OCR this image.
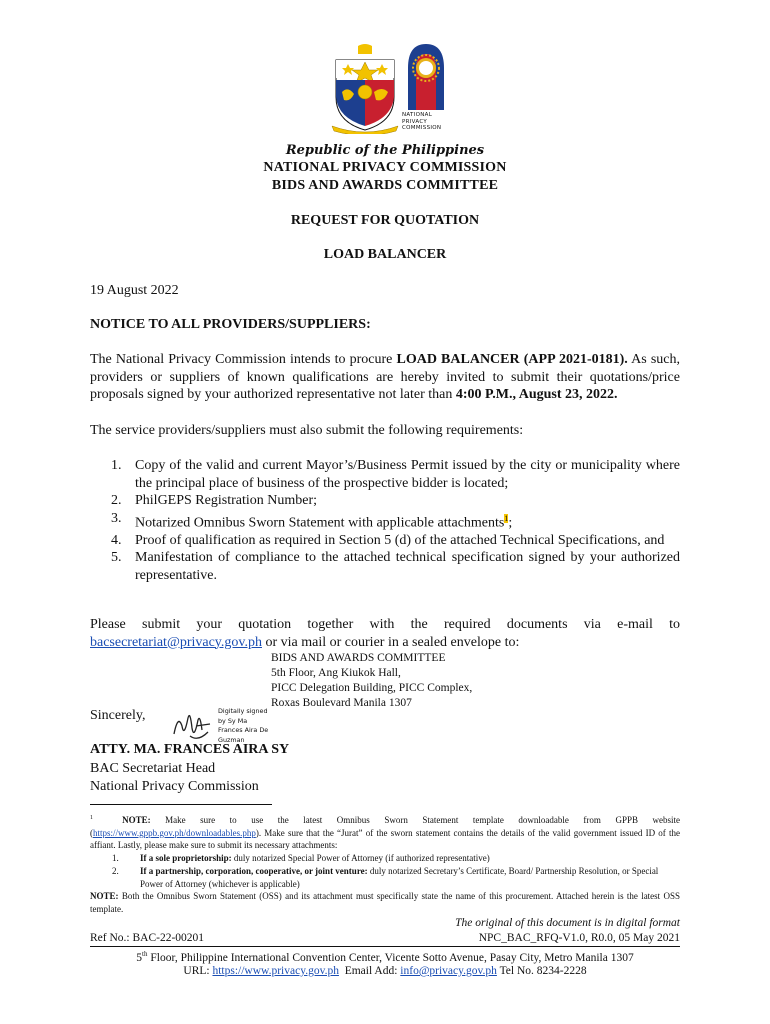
NATIONAL
PRIVACY
COMMISSION
Republic of the Philippines
NATIONAL PRIVACY COMMISSION
BIDS AND AWARDS COMMITTEE
REQUEST FOR QUOTATION
LOAD BALANCER
19 August 2022
NOTICE TO ALL PROVIDERS/SUPPLIERS:
The National Privacy Commission intends to procure LOAD BALANCER (APP 2021-0181). As such, providers or suppliers of known qualifications are hereby invited to submit their quotations/price proposals signed by your authorized representative not later than 4:00 P.M., August 23, 2022.
The service providers/suppliers must also submit the following requirements:
1. Copy of the valid and current Mayor’s/Business Permit issued by the city or municipality where the principal place of business of the prospective bidder is located;
2. PhilGEPS Registration Number;
3. Notarized Omnibus Sworn Statement with applicable attachments$^1$;
4. Proof of qualification as required in Section 5 (d) of the attached Technical Specifications, and
5. Manifestation of compliance to the attached technical specification signed by your authorized representative.
Please submit your quotation together with the required documents via e-mail to bacsecretariat@privacy.gov.ph or via mail or courier in a sealed envelope to:
BIDS AND AWARDS COMMITTEE
5th Floor, Ang Kiukok Hall,
PICC Delegation Building, PICC Complex,
Roxas Boulevard Manila 1307
Sincerely,	Digitally signed
by Sy Ma
Frances Aira De
Guzman
ATTY. MA. FRANCES AIRA SY
BAC Secretariat Head
National Privacy Commission
$^1$	NOTE: Make sure to use the latest Omnibus Sworn Statement template downloadable from GPPB website
(https://www.gppb.gov.ph/downloadables.php). Make sure that the “Jurat” of the sworn statement contains the details of the valid government issued ID of the affiant. Lastly, please make sure to submit its necessary attachments:
1.	If a sole proprietorship: duly notarized Special Power of Attorney (if authorized representative)
2.	If a partnership, corporation, cooperative, or joint venture: duly notarized Secretary’s Certificate, Board/ Partnership Resolution, or Special Power of Attorney (whichever is applicable)
NOTE: Both the Omnibus Sworn Statement (OSS) and its attachment must specifically state the name of this procurement. Attached herein is the latest OSS template.
The original of this document is in digital format
Ref No.: BAC-22-00201	NPC_BAC_RFQ-V1.0, R0.0, 05 May 2021
5th Floor, Philippine International Convention Center, Vicente Sotto Avenue, Pasay City, Metro Manila 1307
URL: https://www.privacy.gov.ph  Email Add: info@privacy.gov.ph Tel No. 8234-2228
